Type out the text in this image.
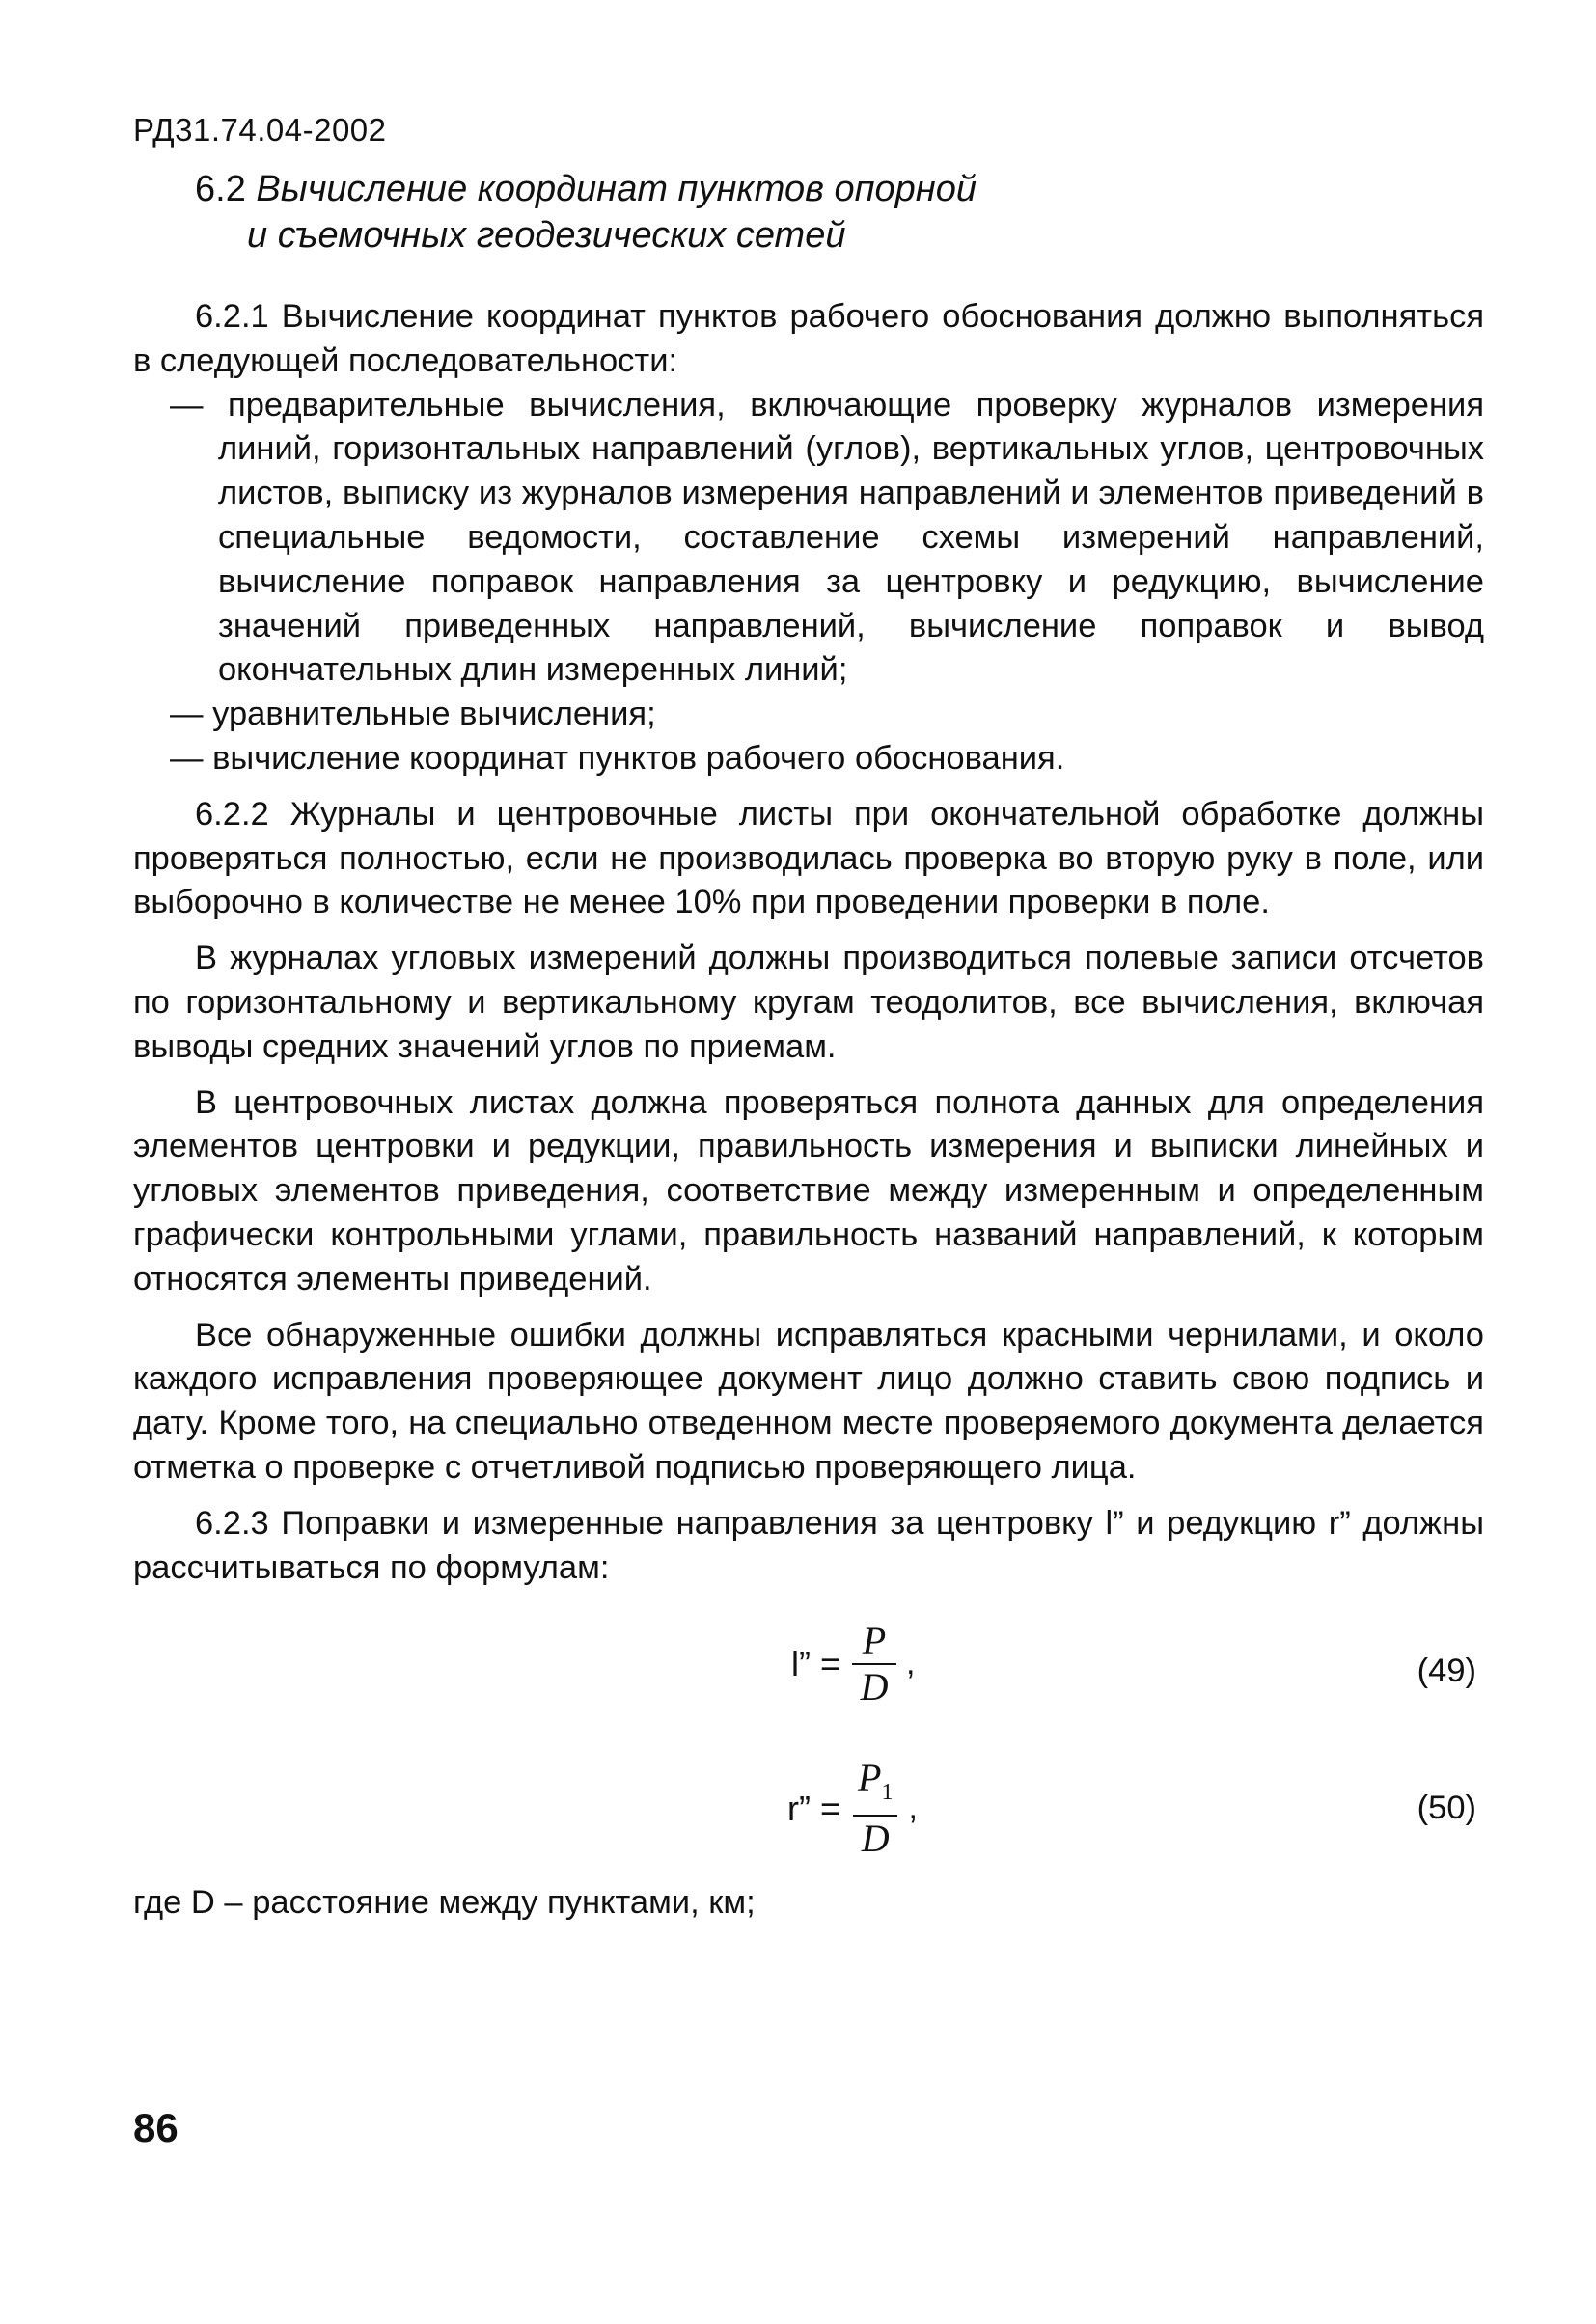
РД31.74.04-2002
6.2 Вычисление координат пунктов опорной
и съемочных геодезических сетей

6.2.1 Вычисление координат пунктов рабочего обоснования должно выполняться в следующей последовательности:

— предварительные вычисления, включающие проверку журналов измерения линий, горизонтальных направлений (углов), вертикальных углов, центровочных листов, выписку из журналов измерения направлений и элементов приведений в специальные ведомости, составление схемы измерений направлений, вычисление поправок направления за центровку и редукцию, вычисление значений приведенных направлений, вычисление поправок и вывод окончательных длин измеренных линий;

— уравнительные вычисления;

— вычисление координат пунктов рабочего обоснования.

6.2.2 Журналы и центровочные листы при окончательной обработке должны проверяться полностью, если не производилась проверка во вторую руку в поле, или выборочно в количестве не менее 10% при проведении проверки в поле.

В журналах угловых измерений должны производиться полевые записи отсчетов по горизонтальному и вертикальному кругам теодолитов, все вычисления, включая выводы средних значений углов по приемам.

В центровочных листах должна проверяться полнота данных для определения элементов центровки и редукции, правильность измерения и выписки линейных и угловых элементов приведения, соответствие между измеренным и определенным графически контрольными углами, правильность названий направлений, к которым относятся элементы приведений.

Все обнаруженные ошибки должны исправляться красными чернилами, и около каждого исправления проверяющее документ лицо должно ставить свою подпись и дату. Кроме того, на специально отведенном месте проверяемого документа делается отметка о проверке с отчетливой подписью проверяющего лица.

6.2.3 Поправки и измеренные направления за центровку l” и редукцию r” должны рассчитываться по формулам:

l” = $\frac{P}{D}$ ,	(49)
r” = $\frac{P_1}{D}$ ,	(50)

где D – расстояние между пунктами, км;

86
